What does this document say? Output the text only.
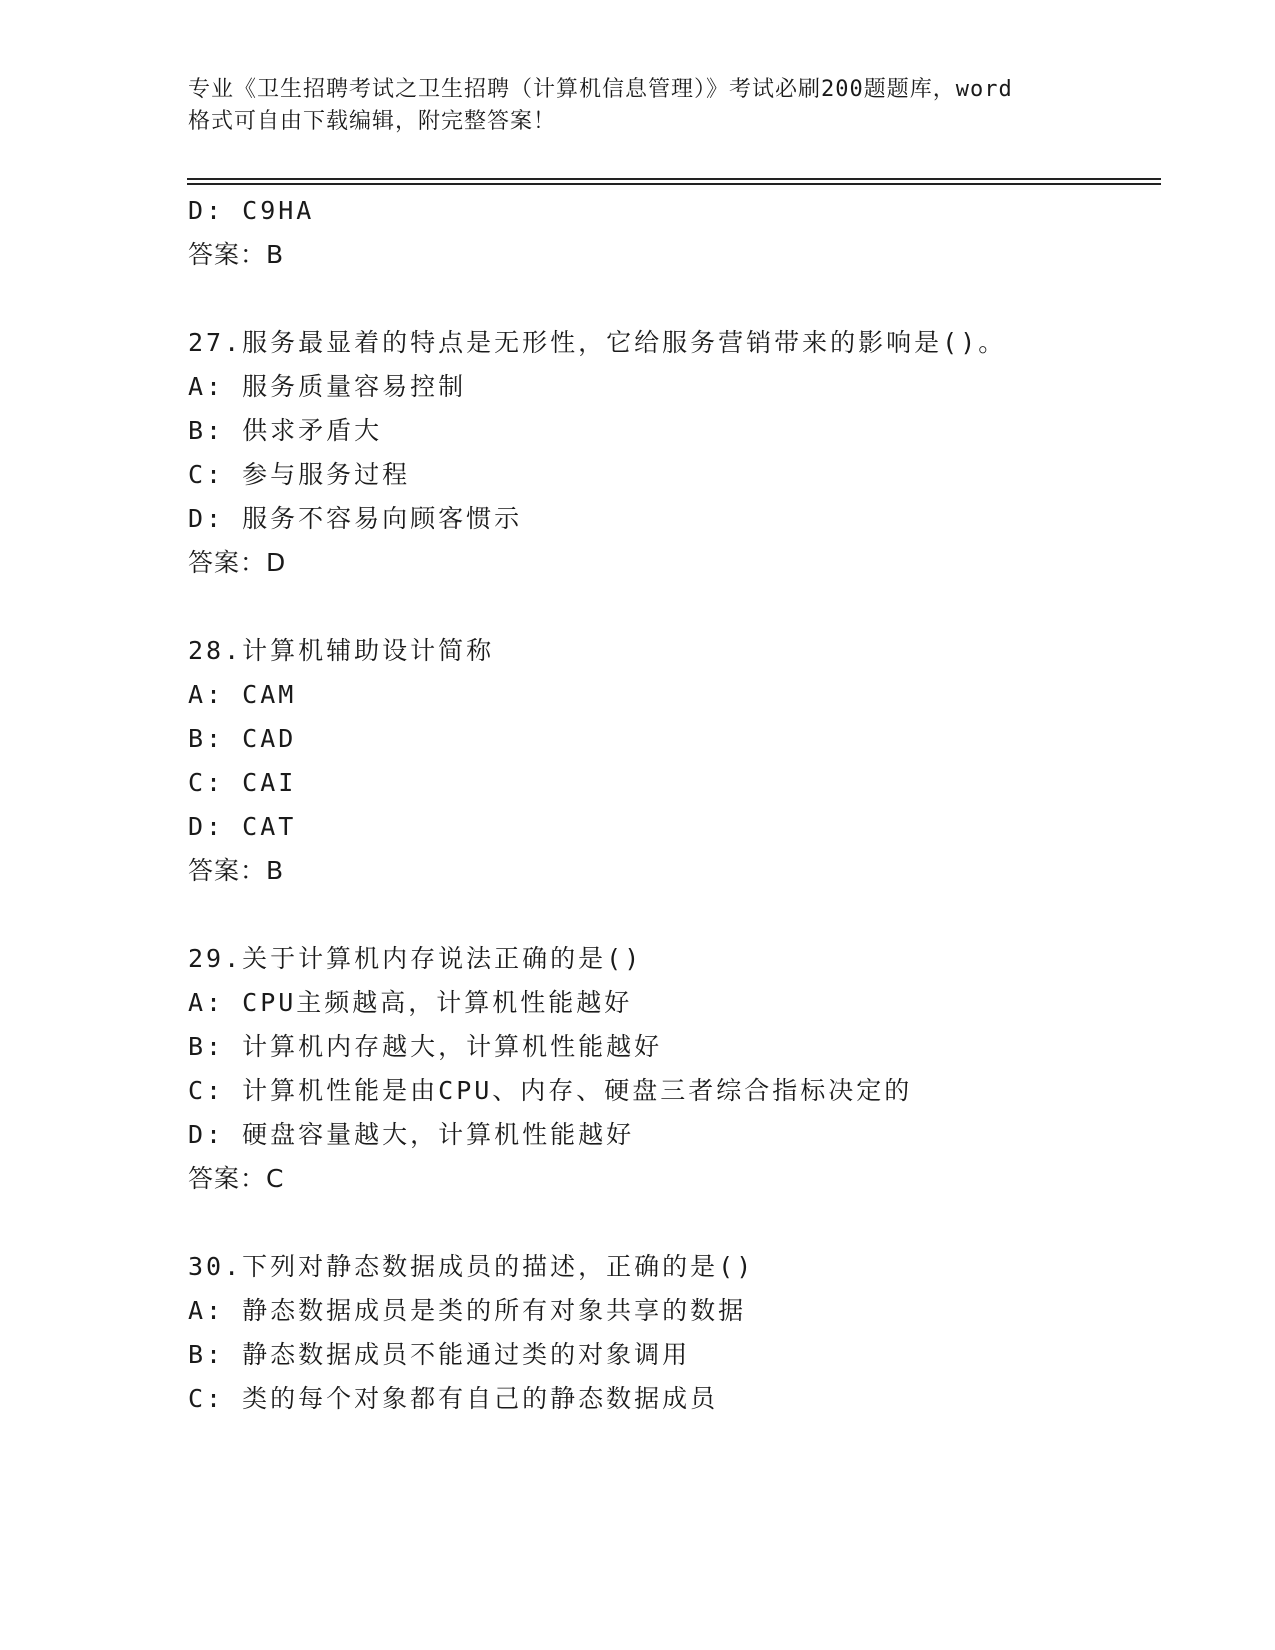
专业《卫生招聘考试之卫生招聘（计算机信息管理）》考试必刷200题题库，word
格式可自由下载编辑，附完整答案！
D: C9HA
答案：B
27.服务最显着的特点是无形性，它给服务营销带来的影响是()。
A: 服务质量容易控制
B: 供求矛盾大
C: 参与服务过程
D: 服务不容易向顾客惯示
答案：D
28.计算机辅助设计简称
A: CAM
B: CAD
C: CAI
D: CAT
答案：B
29.关于计算机内存说法正确的是()
A: CPU主频越高，计算机性能越好
B: 计算机内存越大，计算机性能越好
C: 计算机性能是由CPU、内存、硬盘三者综合指标决定的
D: 硬盘容量越大，计算机性能越好
答案：C
30.下列对静态数据成员的描述，正确的是()
A: 静态数据成员是类的所有对象共享的数据
B: 静态数据成员不能通过类的对象调用
C: 类的每个对象都有自己的静态数据成员
